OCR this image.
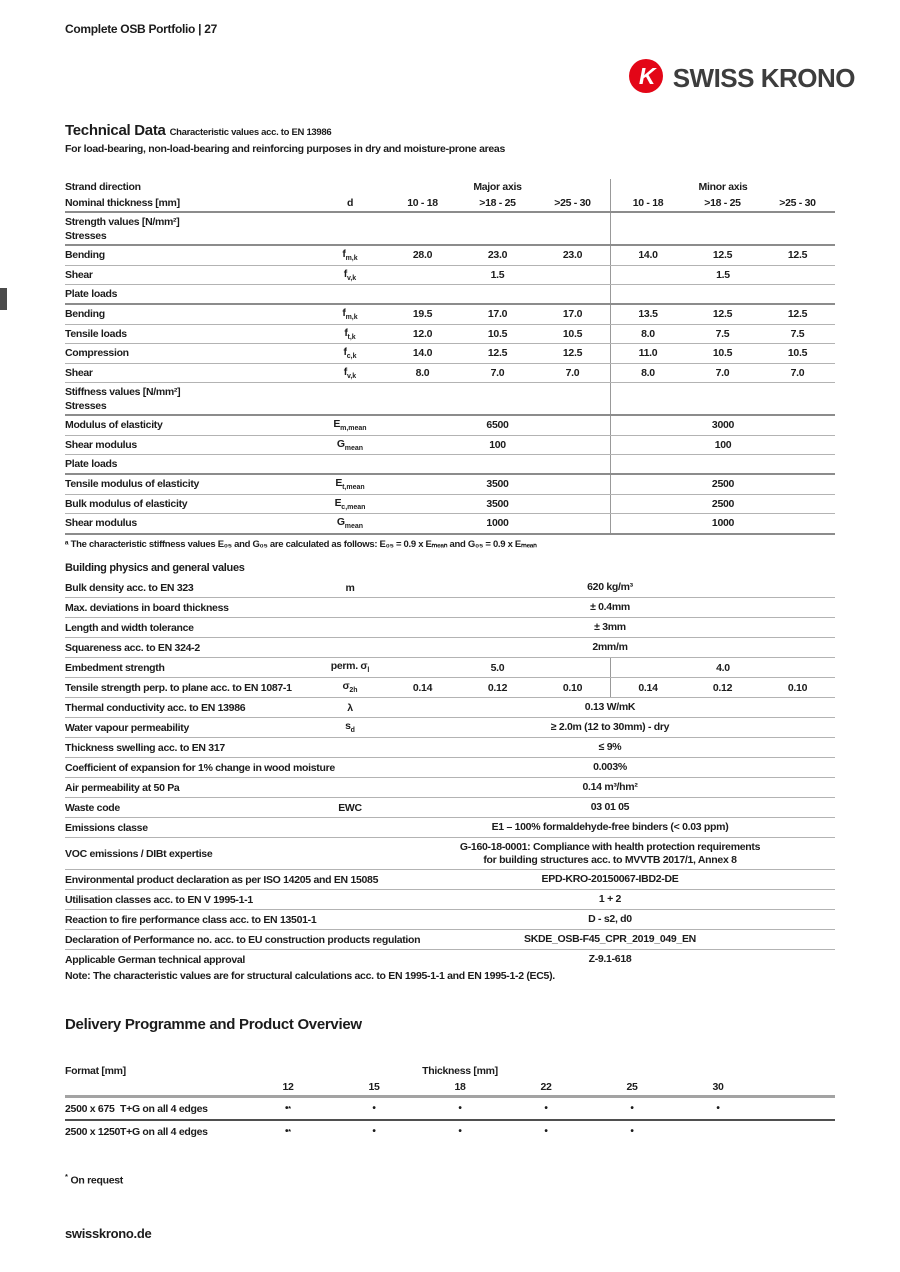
Complete OSB Portfolio | 27
K SWISS KRONO
Technical Data Characteristic values acc. to EN 13986
For load-bearing, non-load-bearing and reinforcing purposes in dry and moisture-prone areas
Strand direction	Major axis	Minor axis
Nominal thickness [mm]	d	10 - 18	>18 - 25	>25 - 30	10 - 18	>18 - 25	>25 - 30
Strength values [N/mm²]
Stresses
Bending	$f_{m,k}$	28.0	23.0	23.0	14.0	12.5	12.5
Shear	$f_{v,k}$	1.5	1.5
Plate loads
Bending	$f_{m,k}$	19.5	17.0	17.0	13.5	12.5	12.5
Tensile loads	$f_{t,k}$	12.0	10.5	10.5	8.0	7.5	7.5
Compression	$f_{c,k}$	14.0	12.5	12.5	11.0	10.5	10.5
Shear	$f_{v,k}$	8.0	7.0	7.0	8.0	7.0	7.0
Stiffness values [N/mm²]
Stresses
Modulus of elasticity	$E_{m,mean}$	6500	3000
Shear modulus	$G_{mean}$	100	100
Plate loads
Tensile modulus of elasticity	$E_{t,mean}$	3500	2500
Bulk modulus of elasticity	$E_{c,mean}$	3500	2500
Shear modulus	$G_{mean}$	1000	1000
ᵃ The characteristic stiffness values E₀₅ and G₀₅ are calculated as follows: E₀₅ = 0.9 x Eₘₑₐₙ and G₀₅ = 0.9 x Eₘₑₐₙ
Building physics and general values
Bulk density acc. to EN 323	m	620 kg/m³
Max. deviations in board thickness	± 0.4mm
Length and width tolerance	± 3mm
Squareness acc. to EN 324-2	2mm/m
Embedment strength	perm. $\sigma_l$	5.0	4.0
Tensile strength perp. to plane acc. to EN 1087-1	$\sigma_{2h}$	0.14	0.12	0.10	0.14	0.12	0.10
Thermal conductivity acc. to EN 13986	λ	0.13 W/mK
Water vapour permeability	$s_d$	≥ 2.0m (12 to 30mm) - dry
Thickness swelling acc. to EN 317	≤ 9%
Coefficient of expansion for 1% change in wood moisture	0.003%
Air permeability at 50 Pa	0.14 m³/hm²
Waste code	EWC	03 01 05
Emissions classe	E1 – 100% formaldehyde-free binders (< 0.03 ppm)
VOC emissions / DIBt expertise
G-160-18-0001: Compliance with health protection requirements
for building structures acc. to MVVTB 2017/1, Annex 8
Environmental product declaration as per ISO 14205 and EN 15085	EPD-KRO-20150067-IBD2-DE
Utilisation classes acc. to EN V 1995-1-1	1 + 2
Reaction to fire performance class acc. to EN 13501-1	D - s2, d0
Declaration of Performance no. acc. to EU construction products regulation	SKDE_OSB-F45_CPR_2019_049_EN
Applicable German technical approval	Z-9.1-618
Note: The characteristic values are for structural calculations acc. to EN 1995-1-1 and EN 1995-1-2 (EC5).
Delivery Programme and Product Overview
Format [mm]	Thickness [mm]
12	15	18	22	25	30
2500 x 675 T+G on all 4 edges	• *	•	•	•	•	•
2500 x 1250 T+G on all 4 edges	• *	•	•	•	•
* On request
swisskrono.de
